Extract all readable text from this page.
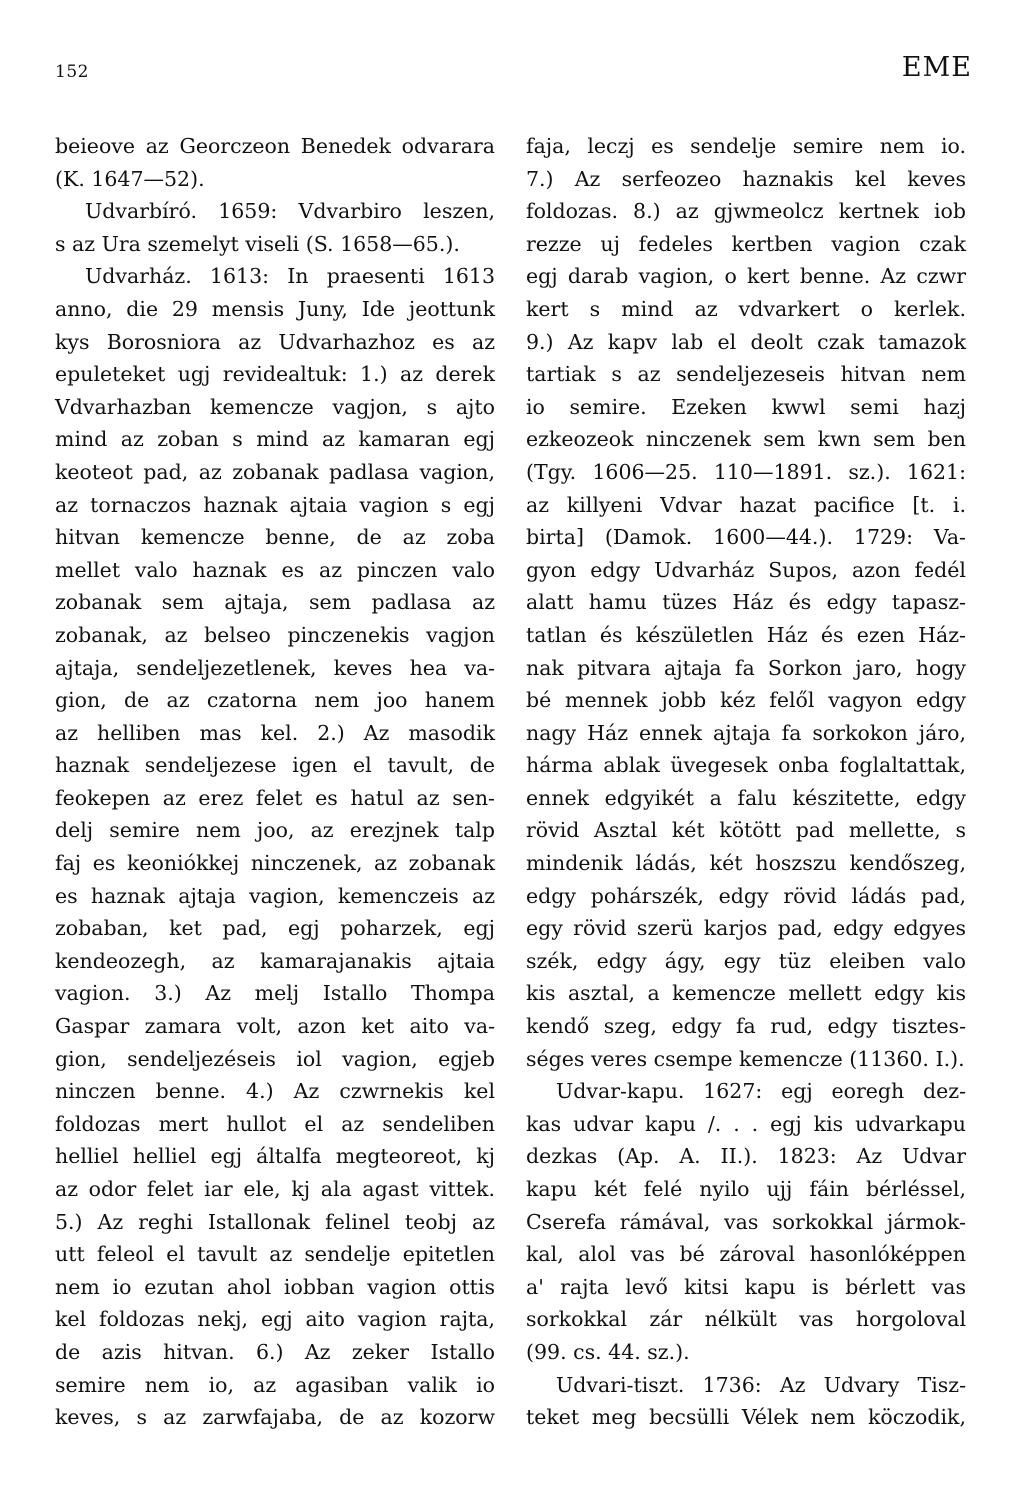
152	EME
beieove az Georczeon Benedek odvarara
(K. 1647—52).
Udvarbíró. 1659: Vdvarbiro leszen,
s az Ura szemelyt viseli (S. 1658—65.).
Udvarház. 1613: In praesenti 1613
anno, die 29 mensis Juny, Ide jeottunk
kys Borosniora az Udvarhazhoz es az
epuleteket ugj revidealtuk: 1.) az derek
Vdvarhazban kemencze vagjon, s ajto
mind az zoban s mind az kamaran egj
keoteot pad, az zobanak padlasa vagion,
az tornaczos haznak ajtaia vagion s egj
hitvan kemencze benne, de az zoba
mellet valo haznak es az pinczen valo
zobanak sem ajtaja, sem padlasa az
zobanak, az belseo pinczenekis vagjon
ajtaja, sendeljezetlenek, keves hea va-
gion, de az czatorna nem joo hanem
az helliben mas kel. 2.) Az masodik
haznak sendeljezese igen el tavult, de
feokepen az erez felet es hatul az sen-
delj semire nem joo, az erezjnek talp
faj es keoniókkej ninczenek, az zobanak
es haznak ajtaja vagion, kemenczeis az
zobaban, ket pad, egj poharzek, egj
kendeozegh, az kamarajanakis ajtaia
vagion. 3.) Az melj Istallo Thompa
Gaspar zamara volt, azon ket aito va-
gion, sendeljezéseis iol vagion, egjeb
ninczen benne. 4.) Az czwrnekis kel
foldozas mert hullot el az sendeliben
helliel helliel egj általfa megteoreot, kj
az odor felet iar ele, kj ala agast vittek.
5.) Az reghi Istallonak felinel teobj az
utt feleol el tavult az sendelje epitetlen
nem io ezutan ahol iobban vagion ottis
kel foldozas nekj, egj aito vagion rajta,
de azis hitvan. 6.) Az zeker Istallo
semire nem io, az agasiban valik io
keves, s az zarwfajaba, de az kozorw
faja, leczj es sendelje semire nem io.
7.) Az serfeozeo haznakis kel keves
foldozas. 8.) az gjwmeolcz kertnek iob
rezze uj fedeles kertben vagion czak
egj darab vagion, o kert benne. Az czwr
kert s mind az vdvarkert o kerlek.
9.) Az kapv lab el deolt czak tamazok
tartiak s az sendeljezeseis hitvan nem
io semire. Ezeken kwwl semi hazj
ezkeozeok ninczenek sem kwn sem ben
(Tgy. 1606—25. 110—1891. sz.). 1621:
az killyeni Vdvar hazat pacifice [t. i.
birta] (Damok. 1600—44.). 1729: Va-
gyon edgy Udvarház Supos, azon fedél
alatt hamu tüzes Ház és edgy tapasz-
tatlan és készületlen Ház és ezen Ház-
nak pitvara ajtaja fa Sorkon jaro, hogy
bé mennek jobb kéz felől vagyon edgy
nagy Ház ennek ajtaja fa sorkokon járo,
hárma ablak üvegesek onba foglaltattak,
ennek edgyikét a falu készitette, edgy
rövid Asztal két kötött pad mellette, s
mindenik ládás, két hoszszu kendőszeg,
edgy pohárszék, edgy rövid ládás pad,
egy rövid szerü karjos pad, edgy edgyes
szék, edgy ágy, egy tüz eleiben valo
kis asztal, a kemencze mellett edgy kis
kendő szeg, edgy fa rud, edgy tisztes-
séges veres csempe kemencze (11360. I.).
Udvar-kapu. 1627: egj eoregh dez-
kas udvar kapu /. . . egj kis udvarkapu
dezkas (Ap. A. II.). 1823: Az Udvar
kapu két felé nyilo ujj fáin bérléssel,
Cserefa rámával, vas sorkokkal jármok-
kal, alol vas bé zároval hasonlóképpen
a' rajta levő kitsi kapu is bérlett vas
sorkokkal zár nélkült vas horgoloval
(99. cs. 44. sz.).
Udvari-tiszt. 1736: Az Udvary Tisz-
teket meg becsülli Vélek nem köczodik,
